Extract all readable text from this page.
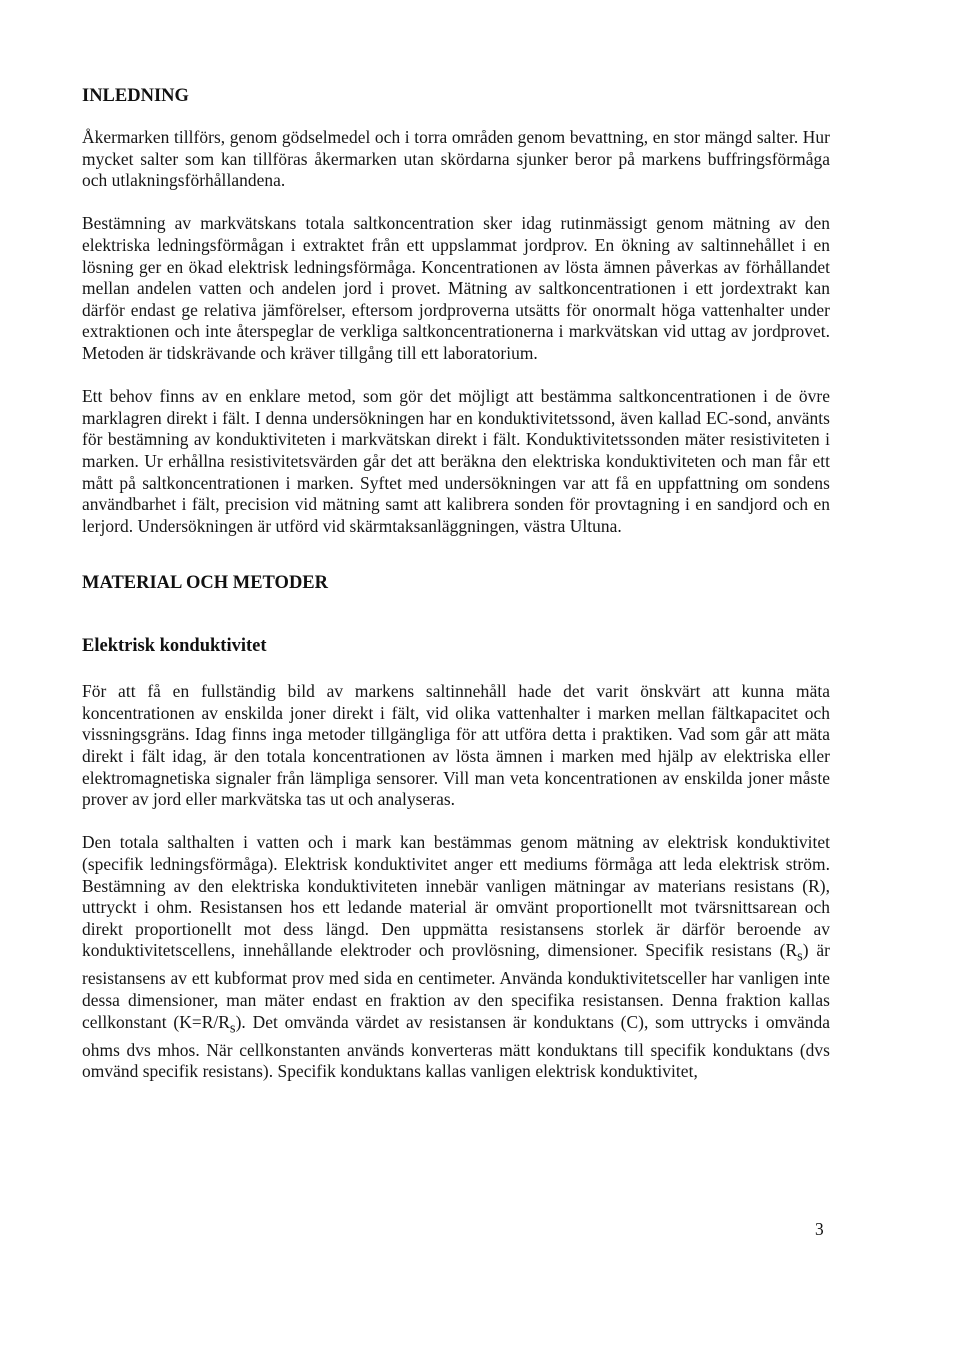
INLEDNING

Åkermarken tillförs, genom gödselmedel och i torra områden genom bevattning, en stor mängd salter. Hur mycket salter som kan tillföras åkermarken utan skördarna sjunker beror på markens buffringsförmåga och utlakningsförhållandena.

Bestämning av markvätskans totala saltkoncentration sker idag rutinmässigt genom mätning av den elektriska ledningsförmågan i extraktet från ett uppslammat jordprov. En ökning av saltinnehållet i en lösning ger en ökad elektrisk ledningsförmåga. Koncentrationen av lösta ämnen påverkas av förhållandet mellan andelen vatten och andelen jord i provet. Mätning av saltkoncentrationen i ett jordextrakt kan därför endast ge relativa jämförelser, eftersom jordproverna utsätts för onormalt höga vattenhalter under extraktionen och inte återspeglar de verkliga saltkoncentrationerna i markvätskan vid uttag av jordprovet. Metoden är tidskrävande och kräver tillgång till ett laboratorium.

Ett behov finns av en enklare metod, som gör det möjligt att bestämma saltkoncentrationen i de övre marklagren direkt i fält. I denna undersökningen har en konduktivitetssond, även kallad EC-sond, använts för bestämning av konduktiviteten i markvätskan direkt i fält. Konduktivitetssonden mäter resistiviteten i marken. Ur erhållna resistivitetsvärden går det att beräkna den elektriska konduktiviteten och man får ett mått på saltkoncentrationen i marken. Syftet med undersökningen var att få en uppfattning om sondens användbarhet i fält, precision vid mätning samt att kalibrera sonden för provtagning i en sandjord och en lerjord. Undersökningen är utförd vid skärmtaksanläggningen, västra Ultuna.

MATERIAL OCH METODER
Elektrisk konduktivitet

För att få en fullständig bild av markens saltinnehåll hade det varit önskvärt att kunna mäta koncentrationen av enskilda joner direkt i fält, vid olika vattenhalter i marken mellan fältkapacitet och vissningsgräns. Idag finns inga metoder tillgängliga för att utföra detta i praktiken. Vad som går att mäta direkt i fält idag, är den totala koncentrationen av lösta ämnen i marken med hjälp av elektriska eller elektromagnetiska signaler från lämpliga sensorer. Vill man veta koncentrationen av enskilda joner måste prover av jord eller markvätska tas ut och analyseras.

Den totala salthalten i vatten och i mark kan bestämmas genom mätning av elektrisk konduktivitet (specifik ledningsförmåga). Elektrisk konduktivitet anger ett mediums förmåga att leda elektrisk ström. Bestämning av den elektriska konduktiviteten innebär vanligen mätningar av materians resistans (R), uttryckt i ohm. Resistansen hos ett ledande material är omvänt proportionellt mot tvärsnittsarean och direkt proportionellt mot dess längd. Den uppmätta resistansens storlek är därför beroende av konduktivitetscellens, innehållande elektroder och provlösning, dimensioner. Specifik resistans $(R_s)$ är resistansens av ett kubformat prov med sida en centimeter. Använda konduktivitetsceller har vanligen inte dessa dimensioner, man mäter endast en fraktion av den specifika resistansen. Denna fraktion kallas cellkonstant $(K=R/R_s)$. Det omvända värdet av resistansen är konduktans (C), som uttrycks i omvända ohms dvs mhos. När cellkonstanten används konverteras mätt konduktans till specifik konduktans (dvs omvänd specifik resistans). Specifik konduktans kallas vanligen elektrisk konduktivitet,

3
